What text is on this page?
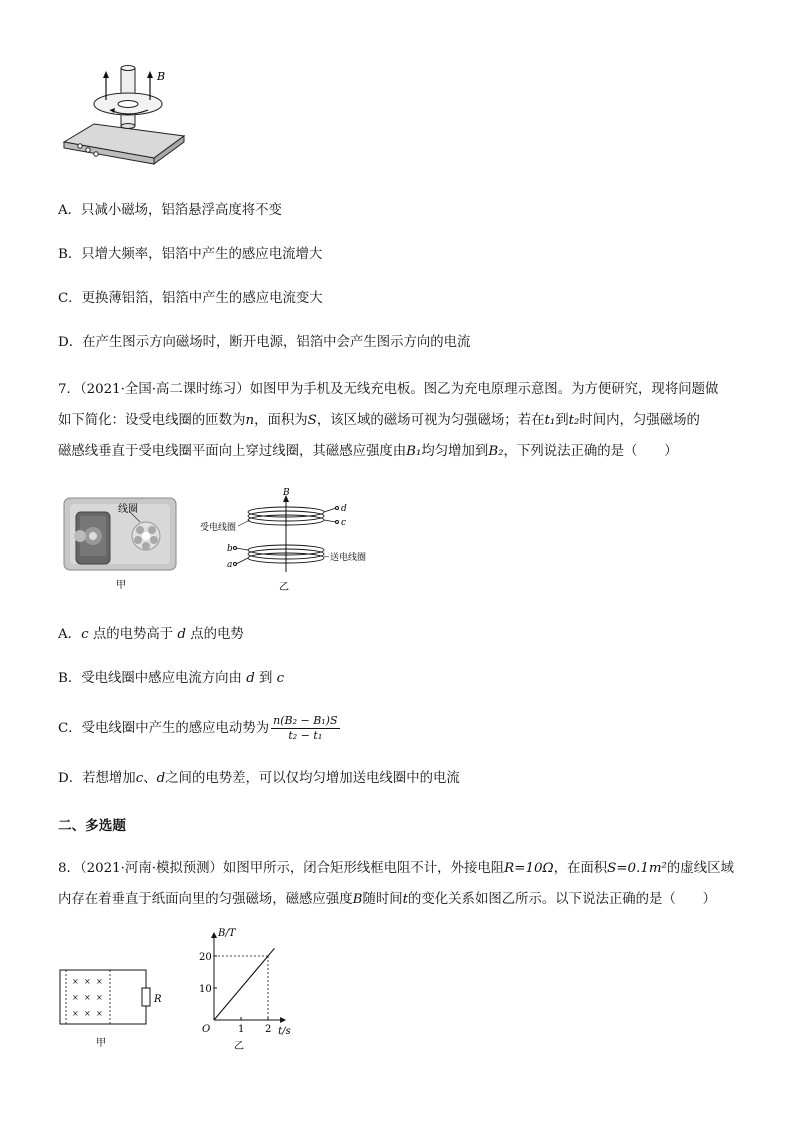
B
A．只减小磁场，铝箔悬浮高度将不变
B．只增大频率，铝箔中产生的感应电流增大
C．更换薄铝箔，铝箔中产生的感应电流变大
D．在产生图示方向磁场时，断开电源，铝箔中会产生图示方向的电流
7．（2021·全国·高二课时练习）如图甲为手机及无线充电板。图乙为充电原理示意图。为方便研究，现将问题做
如下简化：设受电线圈的匝数为n，面积为S，该区域的磁场可视为匀强磁场；若在t₁到t₂时间内，匀强磁场的
磁感线垂直于受电线圈平面向上穿过线圈，其磁感应强度由B₁均匀增加到B₂，下列说法正确的是（　　）
线圈
甲
B
d
c
受电线圈
b
a
送电线圈
乙
A．c 点的电势高于 d 点的电势
B．受电线圈中感应电流方向由 d 到 c
C．受电线圈中产生的感应电动势为 $\frac{\text{n(B₂ − B₁)S}}{\text{t₂ − t₁}}$
D．若想增加c、d之间的电势差，可以仅均匀增加送电线圈中的电流
二、多选题
8．（2021·河南·模拟预测）如图甲所示，闭合矩形线框电阻不计，外接电阻R=10Ω，在面积S=0.1m²的虚线区域
内存在着垂直于纸面向里的匀强磁场，磁感应强度B随时间t的变化关系如图乙所示。以下说法正确的是（　　）
× × ×
× × ×
× × ×
R
甲
1 2
10
20
t/s
B/T
O
乙
